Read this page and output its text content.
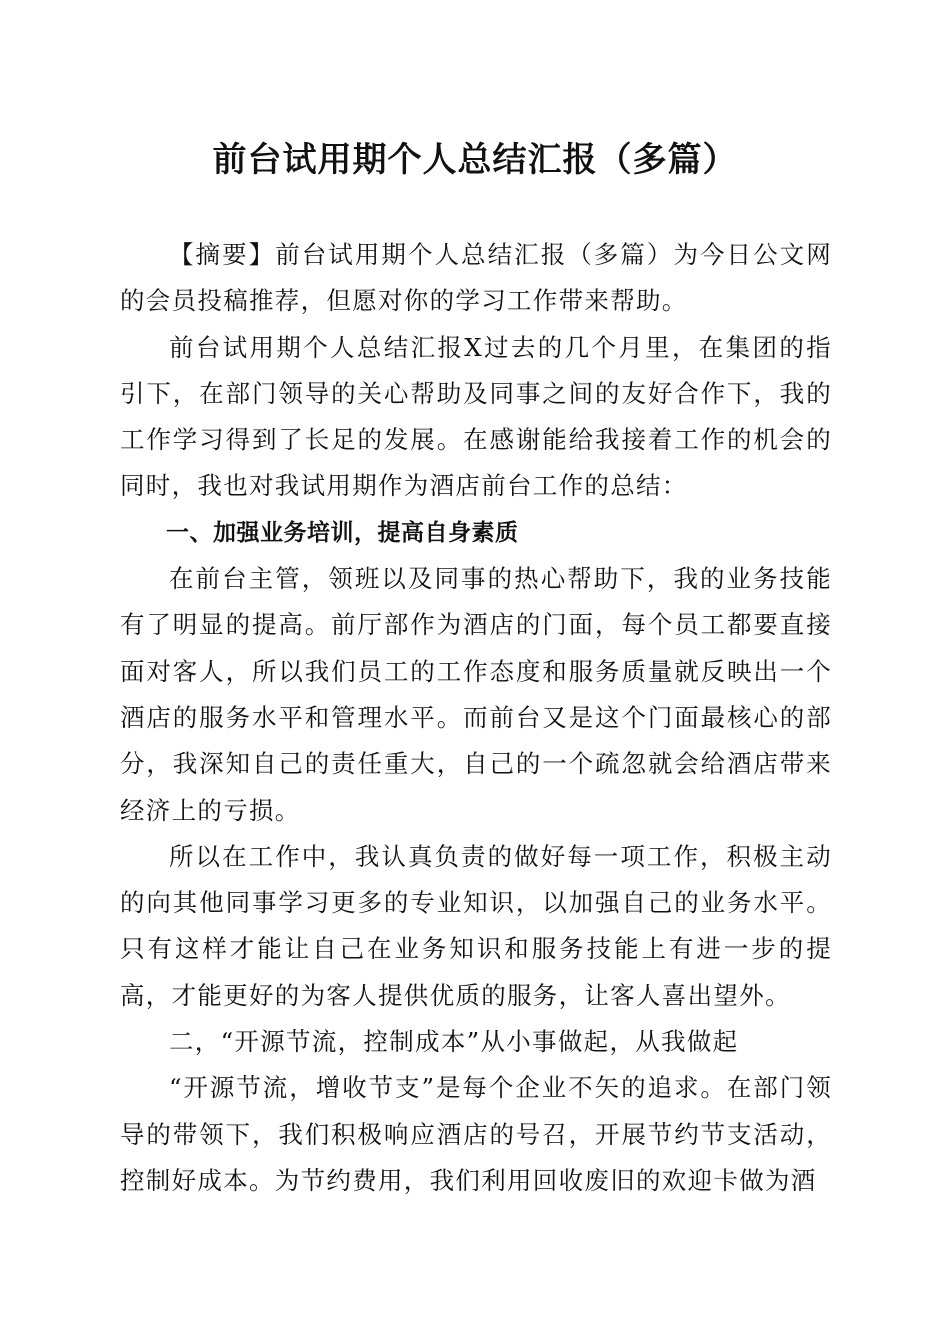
前台试用期个人总结汇报（多篇）

【摘要】前台试用期个人总结汇报（多篇）为今日公文网的会员投稿推荐，但愿对你的学习工作带来帮助。

前台试用期个人总结汇报X过去的几个月里，在集团的指引下，在部门领导的关心帮助及同事之间的友好合作下，我的工作学习得到了长足的发展。在感谢能给我接着工作的机会的同时，我也对我试用期作为酒店前台工作的总结：

一、加强业务培训，提高自身素质

在前台主管，领班以及同事的热心帮助下，我的业务技能有了明显的提高。前厅部作为酒店的门面，每个员工都要直接面对客人，所以我们员工的工作态度和服务质量就反映出一个酒店的服务水平和管理水平。而前台又是这个门面最核心的部分，我深知自己的责任重大，自己的一个疏忽就会给酒店带来经济上的亏损。

所以在工作中，我认真负责的做好每一项工作，积极主动的向其他同事学习更多的专业知识，以加强自己的业务水平。只有这样才能让自己在业务知识和服务技能上有进一步的提高，才能更好的为客人提供优质的服务，让客人喜出望外。

二，“开源节流，控制成本”从小事做起，从我做起

“开源节流，增收节支”是每个企业不矢的追求。在部门领导的带领下，我们积极响应酒店的号召，开展节约节支活动，控制好成本。为节约费用，我们利用回收废旧的欢迎卡做为酒
